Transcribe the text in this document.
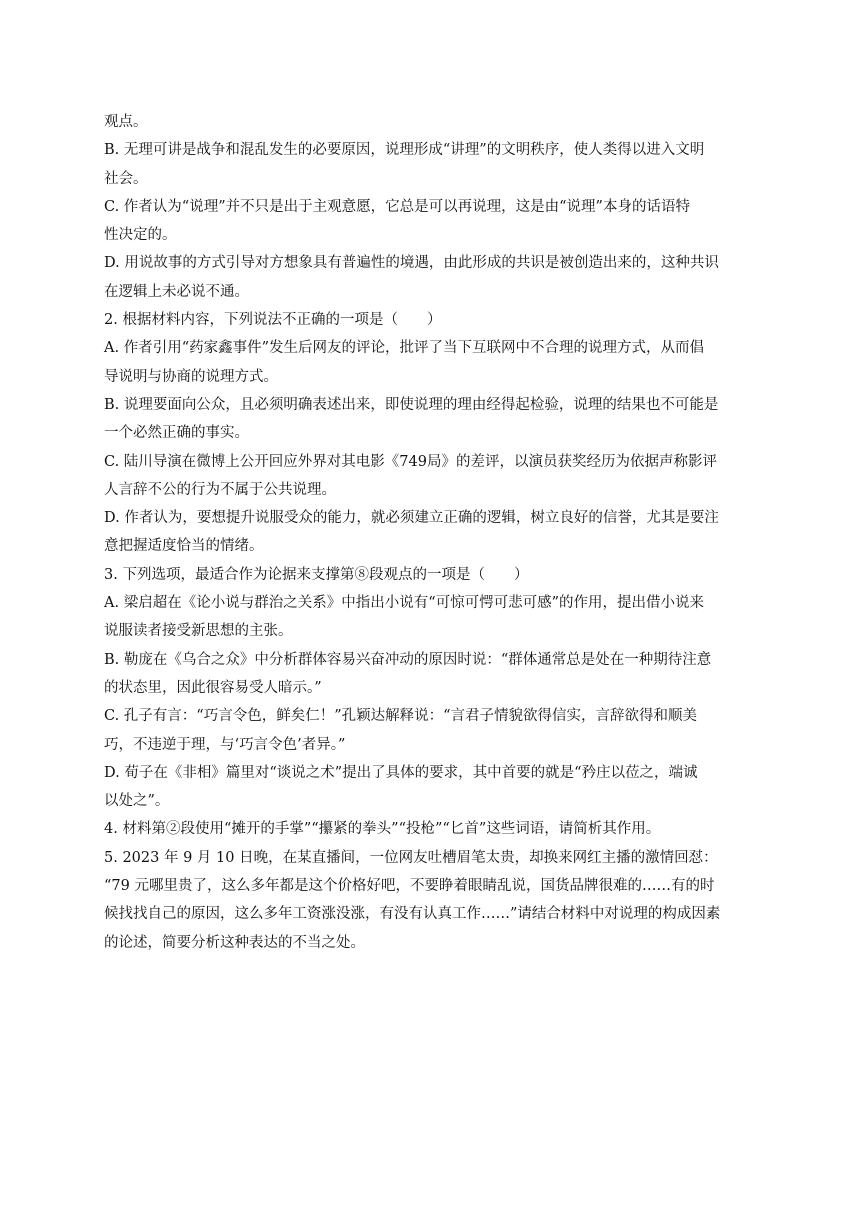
观点。

B. 无理可讲是战争和混乱发生的必要原因，说理形成“讲理”的文明秩序，使人类得以进入文明

社会。

C. 作者认为“说理”并不只是出于主观意愿，它总是可以再说理，这是由“说理”本身的话语特

性决定的。

D. 用说故事的方式引导对方想象具有普遍性的境遇，由此形成的共识是被创造出来的，这种共识

在逻辑上未必说不通。

2. 根据材料内容，下列说法不正确的一项是（　　）

A. 作者引用“药家鑫事件”发生后网友的评论，批评了当下互联网中不合理的说理方式，从而倡

导说明与协商的说理方式。

B. 说理要面向公众，且必须明确表述出来，即使说理的理由经得起检验，说理的结果也不可能是

一个必然正确的事实。

C. 陆川导演在微博上公开回应外界对其电影《749局》的差评，以演员获奖经历为依据声称影评

人言辞不公的行为不属于公共说理。

D. 作者认为，要想提升说服受众的能力，就必须建立正确的逻辑，树立良好的信誉，尤其是要注

意把握适度恰当的情绪。

3. 下列选项，最适合作为论据来支撑第⑧段观点的一项是（　　）

A. 梁启超在《论小说与群治之关系》中指出小说有“可惊可愕可悲可感”的作用，提出借小说来

说服读者接受新思想的主张。

B. 勒庞在《乌合之众》中分析群体容易兴奋冲动的原因时说：“群体通常总是处在一种期待注意

的状态里，因此很容易受人暗示。”

C. 孔子有言：“巧言令色，鲜矣仁！”孔颖达解释说：“言君子情貌欲得信实，言辞欲得和顺美

巧，不违逆于理，与‘巧言令色’者异。”

D. 荀子在《非相》篇里对“谈说之术”提出了具体的要求，其中首要的就是“矜庄以莅之，端诚

以处之”。

4. 材料第②段使用“摊开的手掌”“攥紧的拳头”“投枪”“匕首”这些词语，请简析其作用。

5. 2023 年 9 月 10 日晚，在某直播间，一位网友吐槽眉笔太贵，却换来网红主播的激情回怼：

“79 元哪里贵了，这么多年都是这个价格好吧，不要睁着眼睛乱说，国货品牌很难的……有的时

候找找自己的原因，这么多年工资涨没涨，有没有认真工作……”请结合材料中对说理的构成因素

的论述，简要分析这种表达的不当之处。
